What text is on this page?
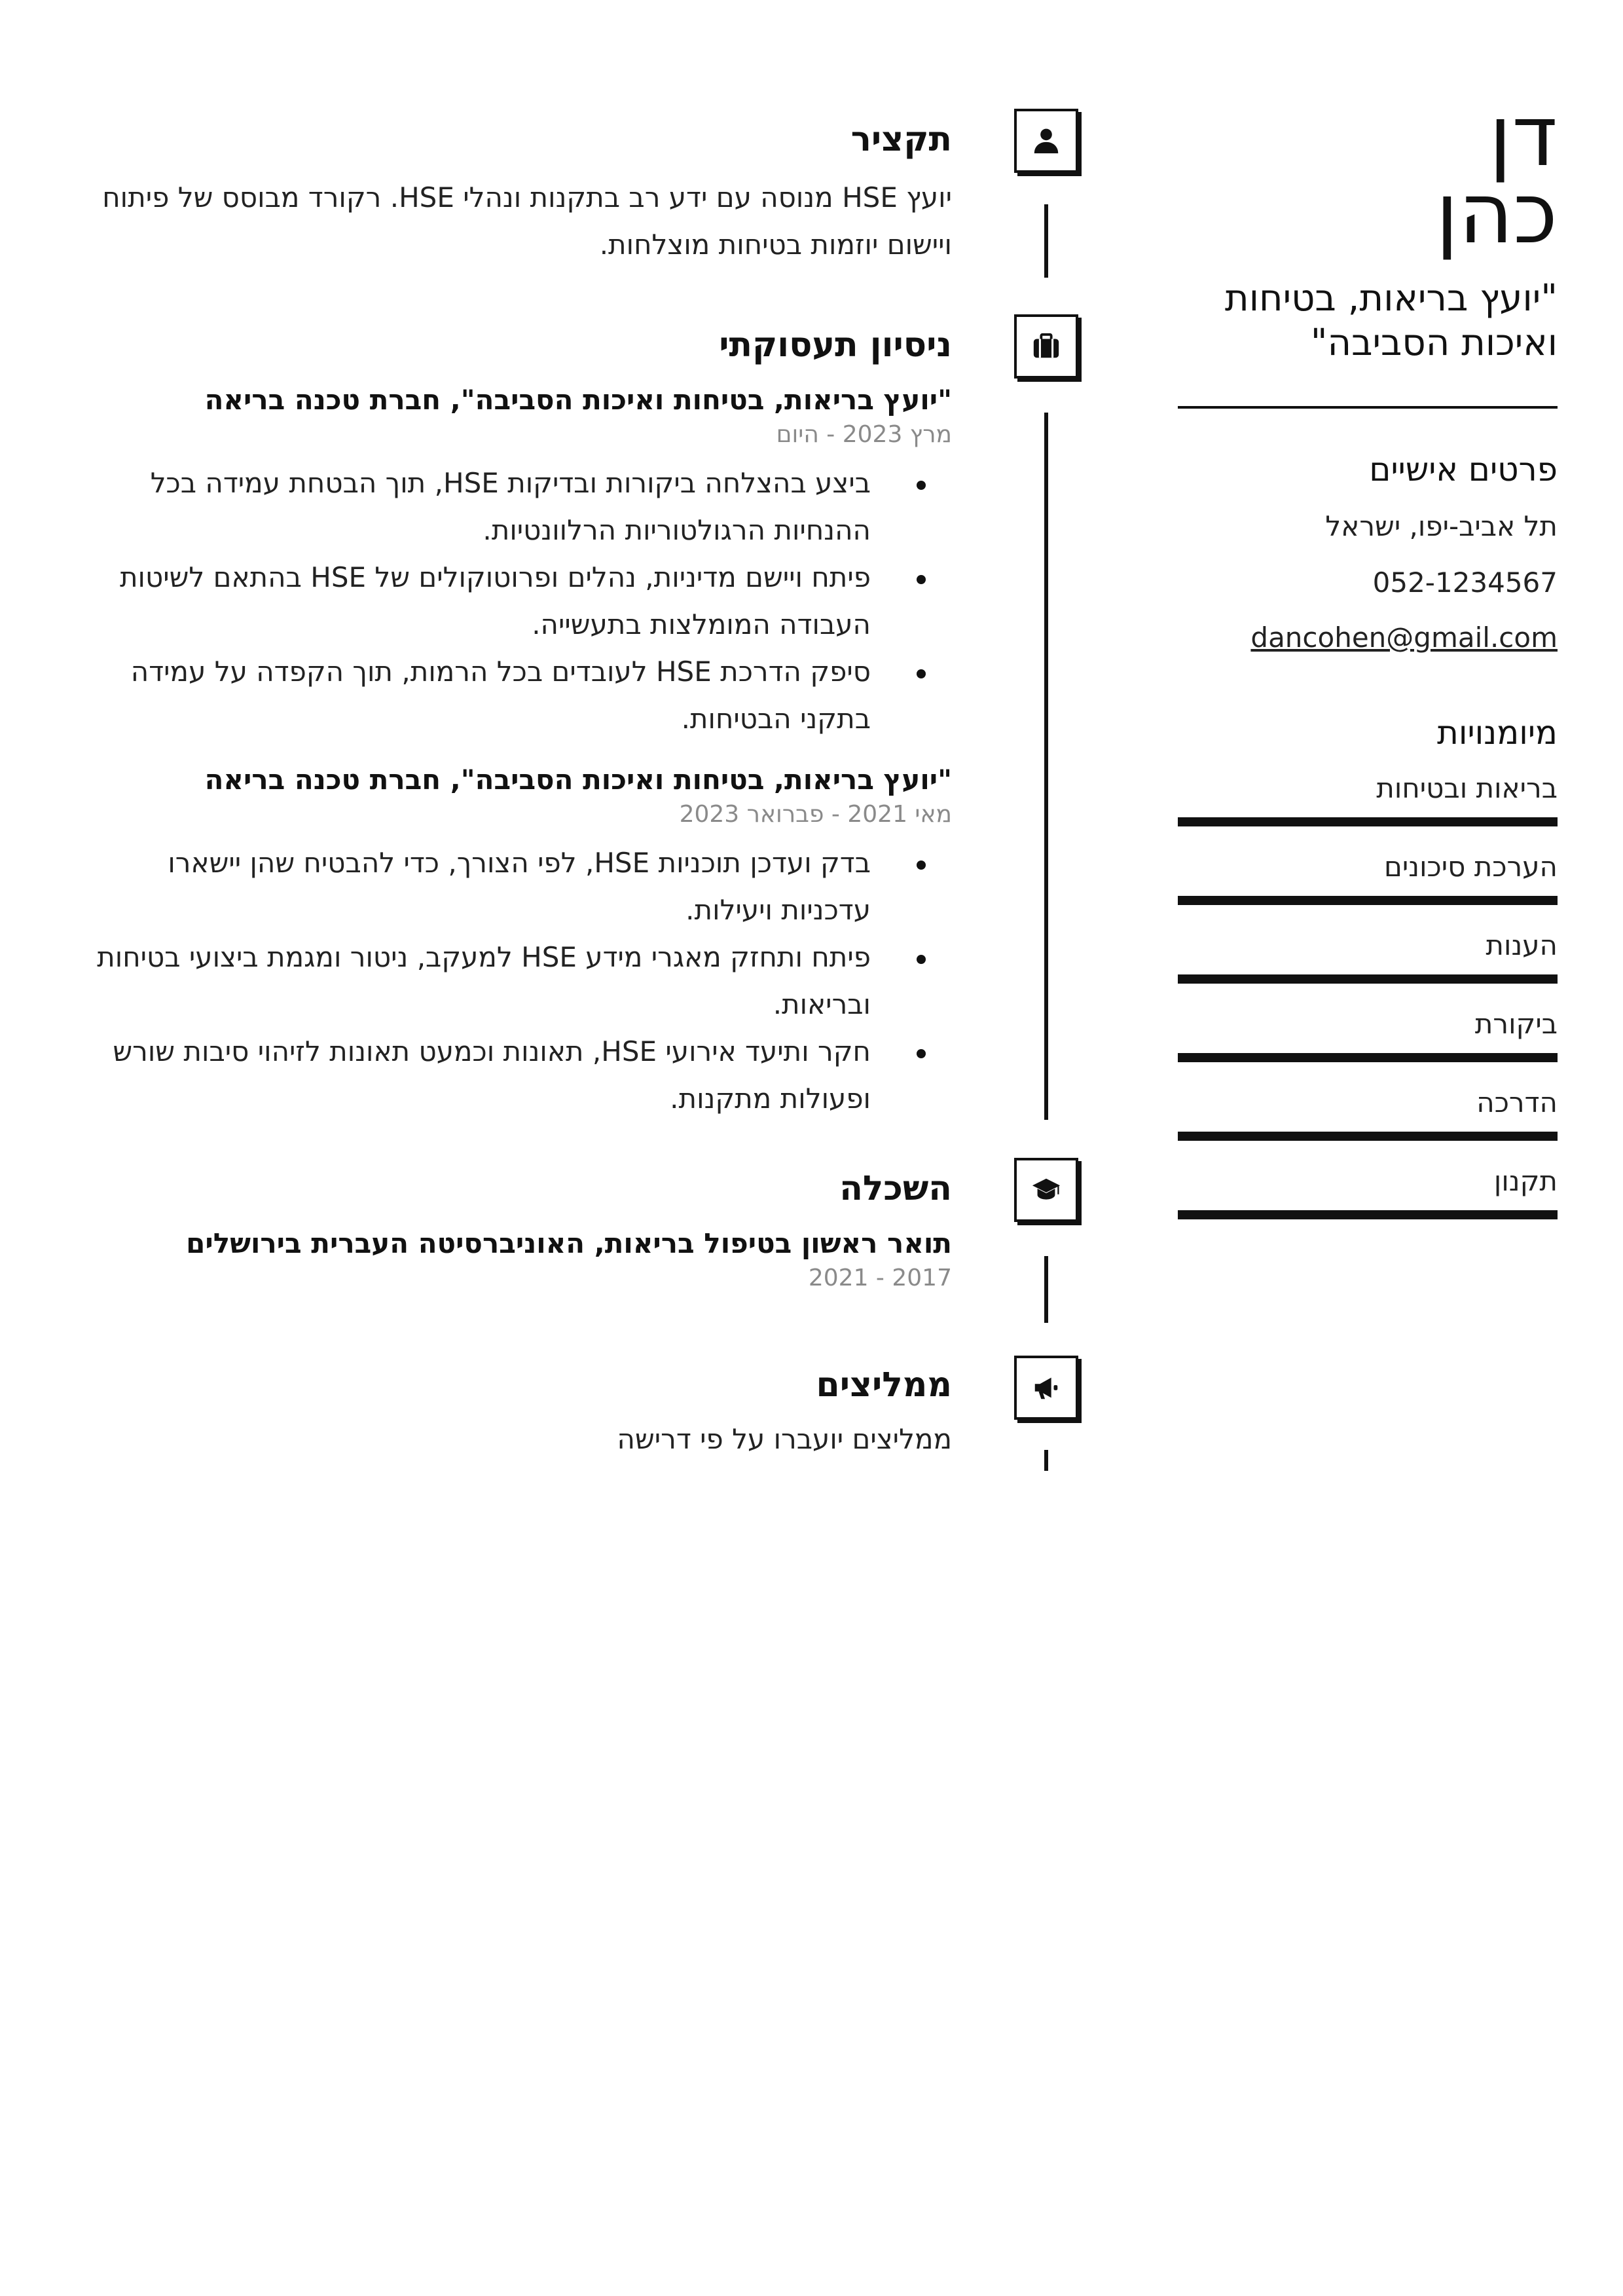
דן
כהן
"יועץ בריאות, בטיחות
ואיכות הסביבה"
פרטים אישיים
תל אביב-יפו, ישראל
052-1234567
dancohen@gmail.com
מיומנויות
בריאות ובטיחות
הערכת סיכונים
הענות
ביקורת
הדרכה
תקנון
תקציר
יועץ HSE מנוסה עם ידע רב בתקנות ונהלי HSE. רקורד מבוסס של פיתוח
ויישום יוזמות בטיחות מוצלחות.
ניסיון תעסוקתי
"יועץ בריאות, בטיחות ואיכות הסביבה", חברת טכנה בריאה
מרץ 2023 - היום
ביצע בהצלחה ביקורות ובדיקות HSE, תוך הבטחת עמידה בכל
ההנחיות הרגולטוריות הרלוונטיות.
פיתח ויישם מדיניות, נהלים ופרוטוקולים של HSE בהתאם לשיטות
העבודה המומלצות בתעשייה.
סיפק הדרכת HSE לעובדים בכל הרמות, תוך הקפדה על עמידה
בתקני הבטיחות.
"יועץ בריאות, בטיחות ואיכות הסביבה", חברת טכנה בריאה
מאי 2021 - פברואר 2023
בדק ועדכן תוכניות HSE, לפי הצורך, כדי להבטיח שהן יישארו
עדכניות ויעילות.
פיתח ותחזק מאגרי מידע HSE למעקב, ניטור ומגמת ביצועי בטיחות
ובריאות.
חקר ותיעד אירועי HSE, תאונות וכמעט תאונות לזיהוי סיבות שורש
ופעולות מתקנות.
השכלה
תואר ראשון בטיפול בריאות, האוניברסיטה העברית בירושלים
2017 - 2021
ממליצים
ממליצים יועברו על פי דרישה
